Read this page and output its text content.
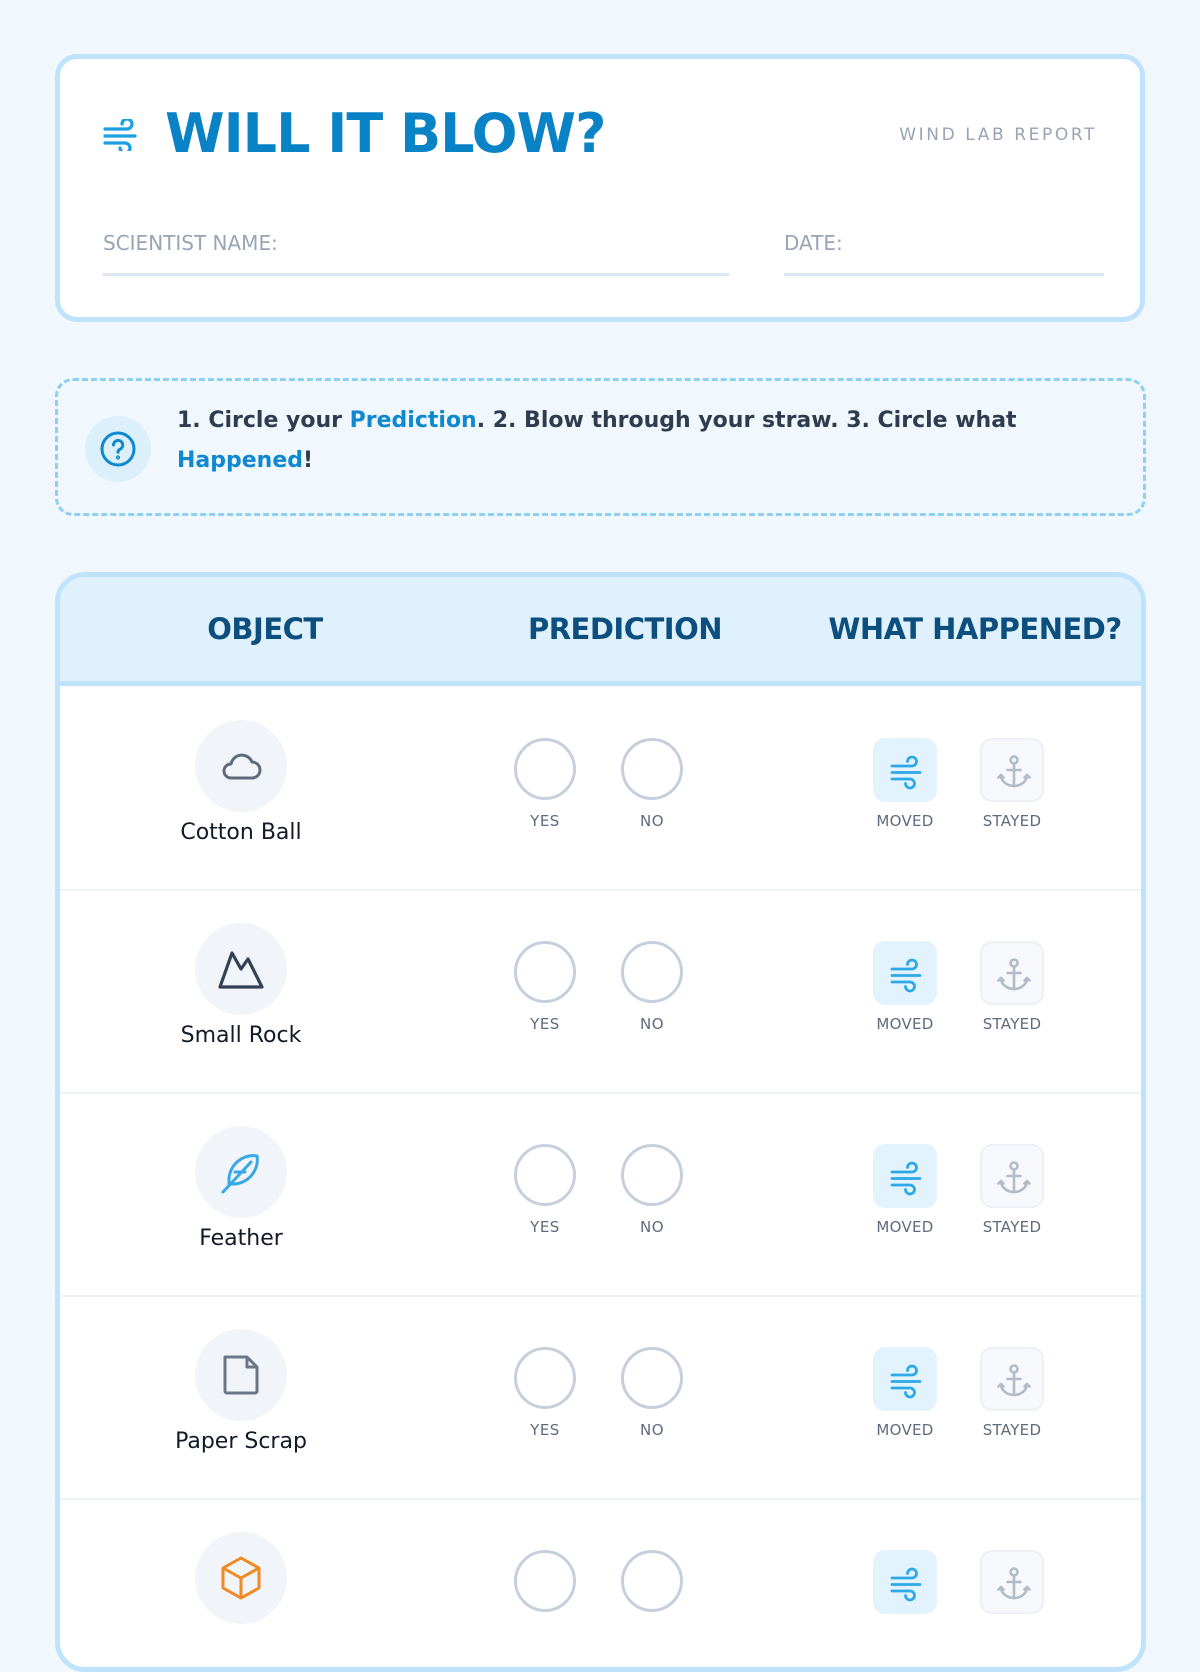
WILL IT BLOW?	WIND LAB REPORT
SCIENTIST NAME:	DATE:

1. Circle your Prediction. 2. Blow through your straw. 3. Circle what Happened!

OBJECT	PREDICTION	WHAT HAPPENED?
Cotton Ball	YES	NO	MOVED	STAYED
Small Rock	YES	NO	MOVED	STAYED
Feather	YES	NO	MOVED	STAYED
Paper Scrap	YES	NO	MOVED	STAYED
